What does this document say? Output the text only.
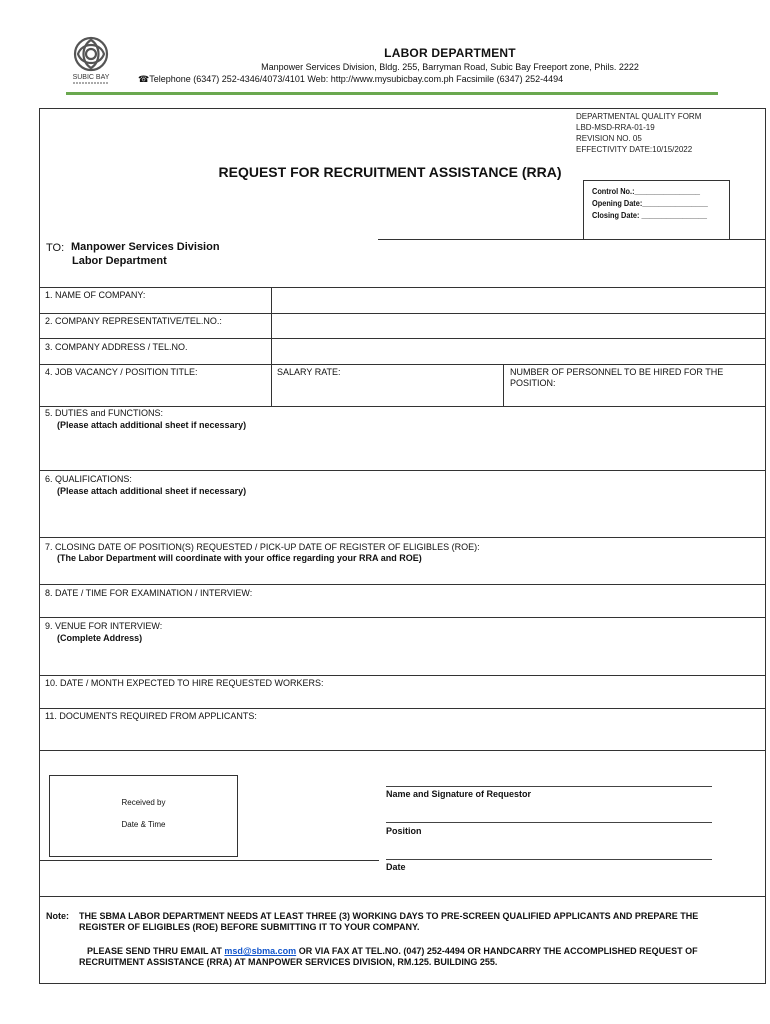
SUBIC BAY
LABOR DEPARTMENT
Manpower Services Division, Bldg. 255, Barryman Road, Subic Bay Freeport zone, Phils. 2222
☎Telephone (6347) 252-4346/4073/4101 Web: http://www.mysubicbay.com.ph Facsimile (6347) 252-4494
DEPARTMENTAL QUALITY FORM
LBD-MSD-RRA-01-19
REVISION NO. 05
EFFECTIVITY DATE:10/15/2022
REQUEST FOR RECRUITMENT ASSISTANCE (RRA)
Control No.:________________
Opening Date:________________
Closing Date: ________________
TO: Manpower Services Division
Labor Department
1. NAME OF COMPANY:
2. COMPANY REPRESENTATIVE/TEL.NO.:
3. COMPANY ADDRESS / TEL.NO.
4. JOB VACANCY / POSITION TITLE:	SALARY RATE:	NUMBER OF PERSONNEL TO BE HIRED FOR THE POSITION:
5. DUTIES and FUNCTIONS:
(Please attach additional sheet if necessary)
6. QUALIFICATIONS:
(Please attach additional sheet if necessary)
7. CLOSING DATE OF POSITION(S) REQUESTED / PICK-UP DATE OF REGISTER OF ELIGIBLES (ROE):
(The Labor Department will coordinate with your office regarding your RRA and ROE)
8. DATE / TIME FOR EXAMINATION / INTERVIEW:
9. VENUE FOR INTERVIEW:
(Complete Address)
10. DATE / MONTH EXPECTED TO HIRE REQUESTED WORKERS:
11. DOCUMENTS REQUIRED FROM APPLICANTS:
Received by
Date & Time
Name and Signature of Requestor
Position
Date
Note: THE SBMA LABOR DEPARTMENT NEEDS AT LEAST THREE (3) WORKING DAYS TO PRE-SCREEN QUALIFIED APPLICANTS AND PREPARE THE REGISTER OF ELIGIBLES (ROE) BEFORE SUBMITTING IT TO YOUR COMPANY.
PLEASE SEND THRU EMAIL AT msd@sbma.com OR VIA FAX AT TEL.NO. (047) 252-4494 OR HANDCARRY THE ACCOMPLISHED REQUEST OF RECRUITMENT ASSISTANCE (RRA) AT MANPOWER SERVICES DIVISION, RM.125. BUILDING 255.
